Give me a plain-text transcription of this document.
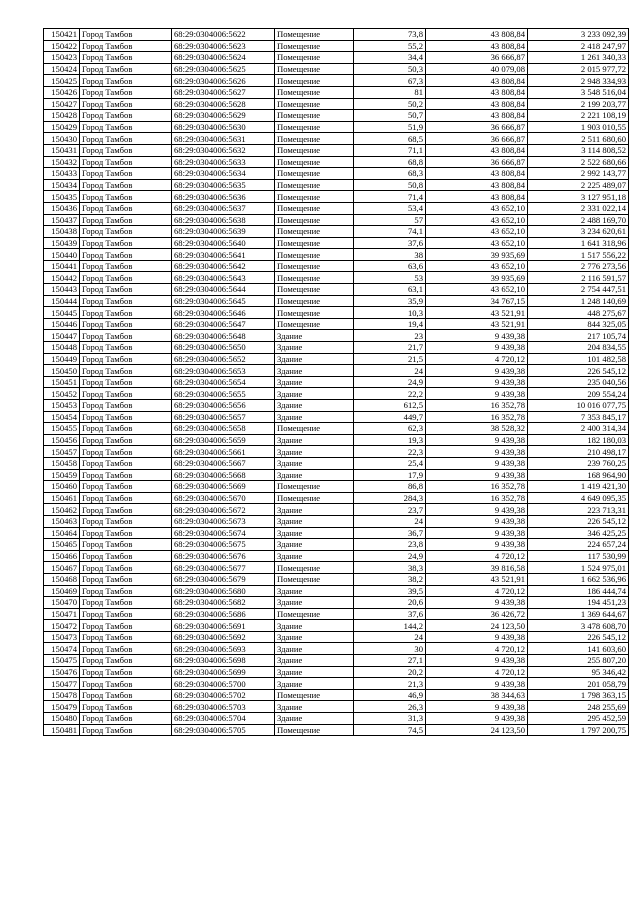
150421	Город Тамбов	68:29:0304006:5622	Помещение	73,8	43 808,84	3 233 092,39
150422	Город Тамбов	68:29:0304006:5623	Помещение	55,2	43 808,84	2 418 247,97
150423	Город Тамбов	68:29:0304006:5624	Помещение	34,4	36 666,87	1 261 340,33
150424	Город Тамбов	68:29:0304006:5625	Помещение	50,3	40 079,08	2 015 977,72
150425	Город Тамбов	68:29:0304006:5626	Помещение	67,3	43 808,84	2 948 334,93
150426	Город Тамбов	68:29:0304006:5627	Помещение	81	43 808,84	3 548 516,04
150427	Город Тамбов	68:29:0304006:5628	Помещение	50,2	43 808,84	2 199 203,77
150428	Город Тамбов	68:29:0304006:5629	Помещение	50,7	43 808,84	2 221 108,19
150429	Город Тамбов	68:29:0304006:5630	Помещение	51,9	36 666,87	1 903 010,55
150430	Город Тамбов	68:29:0304006:5631	Помещение	68,5	36 666,87	2 511 680,60
150431	Город Тамбов	68:29:0304006:5632	Помещение	71,1	43 808,84	3 114 808,52
150432	Город Тамбов	68:29:0304006:5633	Помещение	68,8	36 666,87	2 522 680,66
150433	Город Тамбов	68:29:0304006:5634	Помещение	68,3	43 808,84	2 992 143,77
150434	Город Тамбов	68:29:0304006:5635	Помещение	50,8	43 808,84	2 225 489,07
150435	Город Тамбов	68:29:0304006:5636	Помещение	71,4	43 808,84	3 127 951,18
150436	Город Тамбов	68:29:0304006:5637	Помещение	53,4	43 652,10	2 331 022,14
150437	Город Тамбов	68:29:0304006:5638	Помещение	57	43 652,10	2 488 169,70
150438	Город Тамбов	68:29:0304006:5639	Помещение	74,1	43 652,10	3 234 620,61
150439	Город Тамбов	68:29:0304006:5640	Помещение	37,6	43 652,10	1 641 318,96
150440	Город Тамбов	68:29:0304006:5641	Помещение	38	39 935,69	1 517 556,22
150441	Город Тамбов	68:29:0304006:5642	Помещение	63,6	43 652,10	2 776 273,56
150442	Город Тамбов	68:29:0304006:5643	Помещение	53	39 935,69	2 116 591,57
150443	Город Тамбов	68:29:0304006:5644	Помещение	63,1	43 652,10	2 754 447,51
150444	Город Тамбов	68:29:0304006:5645	Помещение	35,9	34 767,15	1 248 140,69
150445	Город Тамбов	68:29:0304006:5646	Помещение	10,3	43 521,91	448 275,67
150446	Город Тамбов	68:29:0304006:5647	Помещение	19,4	43 521,91	844 325,05
150447	Город Тамбов	68:29:0304006:5648	Здание	23	9 439,38	217 105,74
150448	Город Тамбов	68:29:0304006:5650	Здание	21,7	9 439,38	204 834,55
150449	Город Тамбов	68:29:0304006:5652	Здание	21,5	4 720,12	101 482,58
150450	Город Тамбов	68:29:0304006:5653	Здание	24	9 439,38	226 545,12
150451	Город Тамбов	68:29:0304006:5654	Здание	24,9	9 439,38	235 040,56
150452	Город Тамбов	68:29:0304006:5655	Здание	22,2	9 439,38	209 554,24
150453	Город Тамбов	68:29:0304006:5656	Здание	612,5	16 352,78	10 016 077,75
150454	Город Тамбов	68:29:0304006:5657	Здание	449,7	16 352,78	7 353 845,17
150455	Город Тамбов	68:29:0304006:5658	Помещение	62,3	38 528,32	2 400 314,34
150456	Город Тамбов	68:29:0304006:5659	Здание	19,3	9 439,38	182 180,03
150457	Город Тамбов	68:29:0304006:5661	Здание	22,3	9 439,38	210 498,17
150458	Город Тамбов	68:29:0304006:5667	Здание	25,4	9 439,38	239 760,25
150459	Город Тамбов	68:29:0304006:5668	Здание	17,9	9 439,38	168 964,90
150460	Город Тамбов	68:29:0304006:5669	Помещение	86,8	16 352,78	1 419 421,30
150461	Город Тамбов	68:29:0304006:5670	Помещение	284,3	16 352,78	4 649 095,35
150462	Город Тамбов	68:29:0304006:5672	Здание	23,7	9 439,38	223 713,31
150463	Город Тамбов	68:29:0304006:5673	Здание	24	9 439,38	226 545,12
150464	Город Тамбов	68:29:0304006:5674	Здание	36,7	9 439,38	346 425,25
150465	Город Тамбов	68:29:0304006:5675	Здание	23,8	9 439,38	224 657,24
150466	Город Тамбов	68:29:0304006:5676	Здание	24,9	4 720,12	117 530,99
150467	Город Тамбов	68:29:0304006:5677	Помещение	38,3	39 816,58	1 524 975,01
150468	Город Тамбов	68:29:0304006:5679	Помещение	38,2	43 521,91	1 662 536,96
150469	Город Тамбов	68:29:0304006:5680	Здание	39,5	4 720,12	186 444,74
150470	Город Тамбов	68:29:0304006:5682	Здание	20,6	9 439,38	194 451,23
150471	Город Тамбов	68:29:0304006:5686	Помещение	37,6	36 426,72	1 369 644,67
150472	Город Тамбов	68:29:0304006:5691	Здание	144,2	24 123,50	3 478 608,70
150473	Город Тамбов	68:29:0304006:5692	Здание	24	9 439,38	226 545,12
150474	Город Тамбов	68:29:0304006:5693	Здание	30	4 720,12	141 603,60
150475	Город Тамбов	68:29:0304006:5698	Здание	27,1	9 439,38	255 807,20
150476	Город Тамбов	68:29:0304006:5699	Здание	20,2	4 720,12	95 346,42
150477	Город Тамбов	68:29:0304006:5700	Здание	21,3	9 439,38	201 058,79
150478	Город Тамбов	68:29:0304006:5702	Помещение	46,9	38 344,63	1 798 363,15
150479	Город Тамбов	68:29:0304006:5703	Здание	26,3	9 439,38	248 255,69
150480	Город Тамбов	68:29:0304006:5704	Здание	31,3	9 439,38	295 452,59
150481	Город Тамбов	68:29:0304006:5705	Помещение	74,5	24 123,50	1 797 200,75
